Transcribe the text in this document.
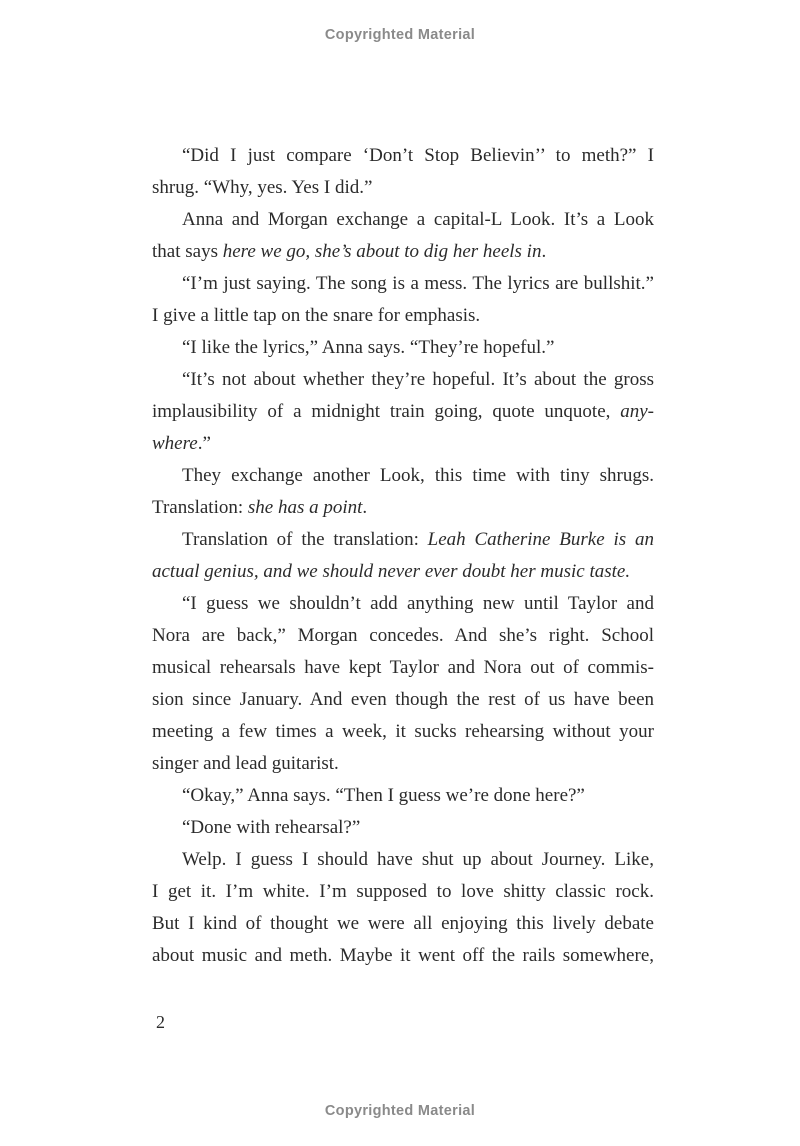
Copyrighted Material
“Did I just compare ‘Don’t Stop Believin’’ to meth?” I
shrug. “Why, yes. Yes I did.”
Anna and Morgan exchange a capital-L Look. It’s a Look
that says here we go, she’s about to dig her heels in.
“I’m just saying. The song is a mess. The lyrics are bullshit.”
I give a little tap on the snare for emphasis.
“I like the lyrics,” Anna says. “They’re hopeful.”
“It’s not about whether they’re hopeful. It’s about the gross
implausibility of a midnight train going, quote unquote, any-
where.”
They exchange another Look, this time with tiny shrugs.
Translation: she has a point.
Translation of the translation: Leah Catherine Burke is an
actual genius, and we should never ever doubt her music taste.
“I guess we shouldn’t add anything new until Taylor and
Nora are back,” Morgan concedes. And she’s right. School
musical rehearsals have kept Taylor and Nora out of commis-
sion since January. And even though the rest of us have been
meeting a few times a week, it sucks rehearsing without your
singer and lead guitarist.
“Okay,” Anna says. “Then I guess we’re done here?”
“Done with rehearsal?”
Welp. I guess I should have shut up about Journey. Like,
I get it. I’m white. I’m supposed to love shitty classic rock.
But I kind of thought we were all enjoying this lively debate
about music and meth. Maybe it went off the rails somewhere,
2
Copyrighted Material
